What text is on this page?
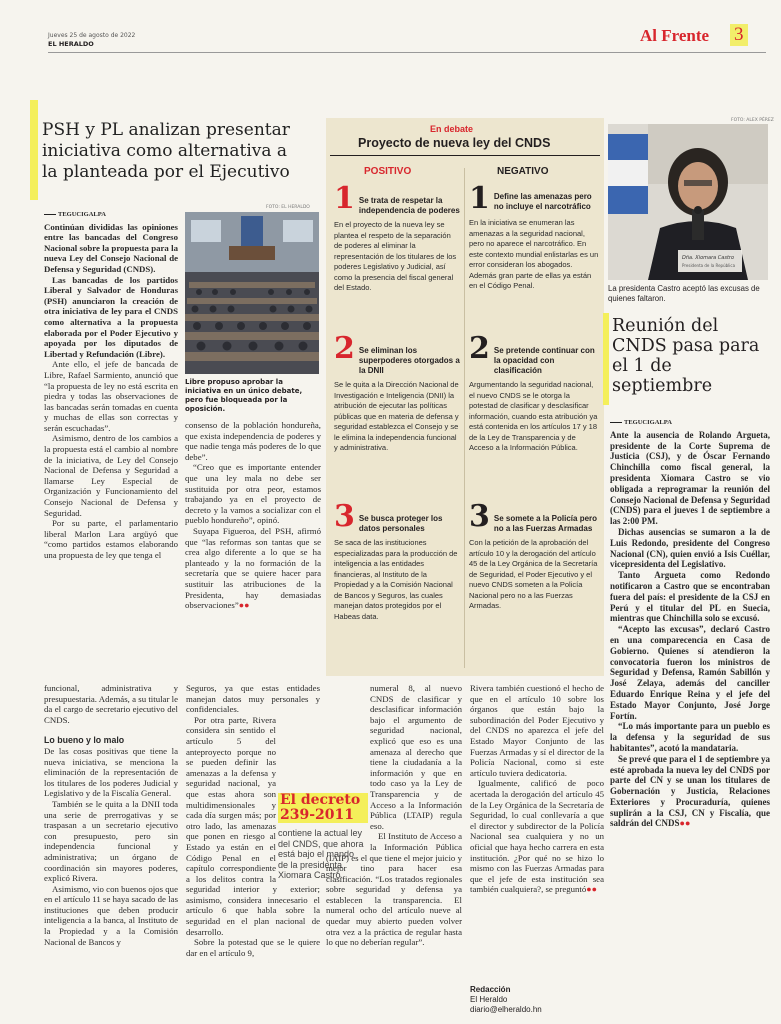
Jueves 25 de agosto de 2022
EL HERALDO	Al Frente 3
PSH y PL analizan presentar iniciativa como alternativa a la planteada por el Ejecutivo
TEGUCIGALPA

Continúan divididas las opiniones entre las bancadas del Congreso Nacional sobre la propuesta para la nueva Ley del Consejo Nacional de Defensa y Seguridad (CNDS).

Las bancadas de los partidos Liberal y Salvador de Honduras (PSH) anunciaron la creación de otra iniciativa de ley para el CNDS como alternativa a la propuesta elaborada por el Poder Ejecutivo y apoyada por los diputados de Libertad y Refundación (Libre).

Ante ello, el jefe de bancada de Libre, Rafael Sarmiento, anunció que “la propuesta de ley no está escrita en piedra y todas las observaciones de las bancadas serán tomadas en cuenta y muchas de ellas son correctas y serán escuchadas”.

Asimismo, dentro de los cambios a la propuesta está el cambio al nombre de la iniciativa, de Ley del Consejo Nacional de Defensa y Seguridad a llamarse Ley Especial de Organización y Funcionamiento del Consejo Nacional de Defensa y Seguridad.

Por su parte, el parlamentario liberal Marlon Lara argüyó que “como partidos estamos elaborando una propuesta de ley que tenga el

FOTO: EL HERALDO
Libre propuso aprobar la iniciativa en un único debate, pero fue bloqueada por la oposición.

consenso de la población hondureña, que exista independencia de poderes y que nadie tenga más poderes de lo que debe”.

“Creo que es importante entender que una ley mala no debe ser sustituida por otra peor, estamos trabajando ya en el proyecto de decreto y la vamos a socializar con el pueblo hondureño”, opinó.

Suyapa Figueroa, del PSH, afirmó que “las reformas son tantas que se crea algo diferente a lo que se ha planteado y la no formación de la secretaría que se quiere hacer para sustituir las atribuciones de la Presidenta, hay demasiadas observaciones”●●

En debate
Proyecto de nueva ley del CNDS
POSITIVO	NEGATIVO
1 Se trata de respetar la independencia de poderes
En el proyecto de la nueva ley se plantea el respeto de la separación de poderes al eliminar la representación de los titulares de los poderes Legislativo y Judicial, así como la presencia del fiscal general del Estado.
2 Se eliminan los superpoderes otorgados a la DNII
Se le quita a la Dirección Nacional de Investigación e Inteligencia (DNII) la atribución de ejecutar las políticas públicas que en materia de defensa y seguridad establezca el Consejo y se le elimina la independencia funcional y administrativa.
3 Se busca proteger los datos personales
Se saca de las instituciones especializadas para la producción de inteligencia a las entidades financieras, al Instituto de la Propiedad y a la Comisión Nacional de Bancos y Seguros, las cuales manejan datos protegidos por el Habeas data.
1 Define las amenazas pero no incluye el narcotráfico
En la iniciativa se enumeran las amenazas a la seguridad nacional, pero no aparece el narcotráfico. En este contexto mundial enlistarlas es un error consideran los abogados. Además gran parte de ellas ya están en el Código Penal.
2 Se pretende continuar con la opacidad con clasificación
Argumentando la seguridad nacional, el nuevo CNDS se le otorga la potestad de clasificar y desclasificar información, cuando esta atribución ya está contenida en los artículos 17 y 18 de la Ley de Transparencia y de Acceso a la Información Pública.
3 Se somete a la Policía pero no a las Fuerzas Armadas
Con la petición de la aprobación del artículo 10 y la derogación del artículo 45 de la Ley Orgánica de la Secretaría de Seguridad, el Poder Ejecutivo y el nuevo CNDS someten a la Policía Nacional pero no a las Fuerzas Armadas.
FOTO: ALEX PÉREZ
Dña. Xiomara Castro
Presidenta de la República
La presidenta Castro aceptó las excusas de quienes faltaron.
Reunión del CNDS pasa para el 1 de septiembre
TEGUCIGALPA

Ante la ausencia de Rolando Argueta, presidente de la Corte Suprema de Justicia (CSJ), y de Óscar Fernando Chinchilla como fiscal general, la presidenta Xiomara Castro se vio obligada a reprogramar la reunión del Consejo Nacional de Defensa y Seguridad (CNDS) para el jueves 1 de septiembre a las 2:00 PM.

Dichas ausencias se sumaron a la de Luis Redondo, presidente del Congreso Nacional (CN), quien envió a Isis Cuéllar, vicepresidenta del Legislativo.

Tanto Argueta como Redondo notificaron a Castro que se encontraban fuera del país: el presidente de la CSJ en Perú y el titular del PL en Suecia, mientras que Chinchilla solo se excusó.

“Acepto las excusas”, declaró Castro en una comparecencia en Casa de Gobierno. Quienes sí atendieron la convocatoria fueron los ministros de Seguridad y Defensa, Ramón Sabillón y José Zelaya, además del canciller Eduardo Enrique Reina y el jefe del Estado Mayor Conjunto, José Jorge Fortín.

“Lo más importante para un pueblo es la defensa y la seguridad de sus habitantes”, acotó la mandataria.

Se prevé que para el 1 de septiembre ya esté aprobada la nueva ley del CNDS por parte del CN y se unan los titulares de Gobernación y Justicia, Relaciones Exteriores y Procuraduría, quienes suplirán a la CSJ, CN y Fiscalía, que saldrán del CNDS●●

funcional, administrativa y presupuestaria. Además, a su titular le da el cargo de secretario ejecutivo del CNDS.

Lo bueno y lo malo

De las cosas positivas que tiene la nueva iniciativa, se menciona la eliminación de la representación de los titulares de los poderes Judicial y Legislativo y de la Fiscalía General.

También se le quita a la DNII toda una serie de prerrogativas y se traspasan a un secretario ejecutivo con presupuesto, pero sin independencia funcional y administrativa; un órgano de coordinación sin mayores poderes, explicó Rivera.

Asimismo, vio con buenos ojos que en el artículo 11 se haya sacado de las instituciones que deben producir inteligencia a la banca, al Instituto de la Propiedad y a la Comisión Nacional de Bancos y

Seguros, ya que estas entidades manejan datos muy personales y confidenciales.

Por otra parte, Rivera considera sin sentido el artículo 5 del anteproyecto porque no se pueden definir las amenazas a la defensa y seguridad nacional, ya que estas ahora son multidimensionales y cada día surgen más; por otro lado, las amenazas que ponen en riesgo al Estado ya están en el Código Penal en el capítulo correspondiente a los delitos contra la seguridad interior y exterior; asimismo, considera innecesario el artículo 6 que habla sobre la seguridad en el plan nacional de desarrollo.

Sobre la potestad que se le quiere dar en el artículo 9,

El decreto 239-2011
contiene la actual ley del CNDS, que ahora está bajo el mando de la presidenta Xiomara Castro.

numeral 8, al nuevo CNDS de clasificar y desclasificar información bajo el argumento de seguridad nacional, explicó que eso es una amenaza al derecho que tiene la ciudadanía a la información y que en todo caso ya la Ley de Transparencia y de Acceso a la Información Pública (LTAIP) regula eso.

El Instituto de Acceso a la Información Pública (IAIP) es el que tiene el mejor juicio y mejor tino para hacer esa clasificación. “Los tratados regionales sobre seguridad y defensa ya establecen la transparencia. El numeral ocho del artículo nueve al quedar muy abierto pueden volver otra vez a la práctica de regular hasta lo que no deberían regular”.

Rivera también cuestionó el hecho de que en el artículo 10 sobre los órganos que están bajo la subordinación del Poder Ejecutivo y del CNDS no aparezca el jefe del Estado Mayor Conjunto de las Fuerzas Armadas y sí el director de la Policía Nacional, como si este artículo tuviera dedicatoria.

Igualmente, calificó de poco acertada la derogación del artículo 45 de la Ley Orgánica de la Secretaría de Seguridad, lo cual conllevaría a que el director y subdirector de la Policía Nacional sea cualquiera y no un oficial que haya hecho carrera en esta institución. ¿Por qué no se hizo lo mismo con las Fuerzas Armadas para que el jefe de esta institución sea también cualquiera?, se preguntó●●

Redacción
El Heraldo
diario@elheraldo.hn
